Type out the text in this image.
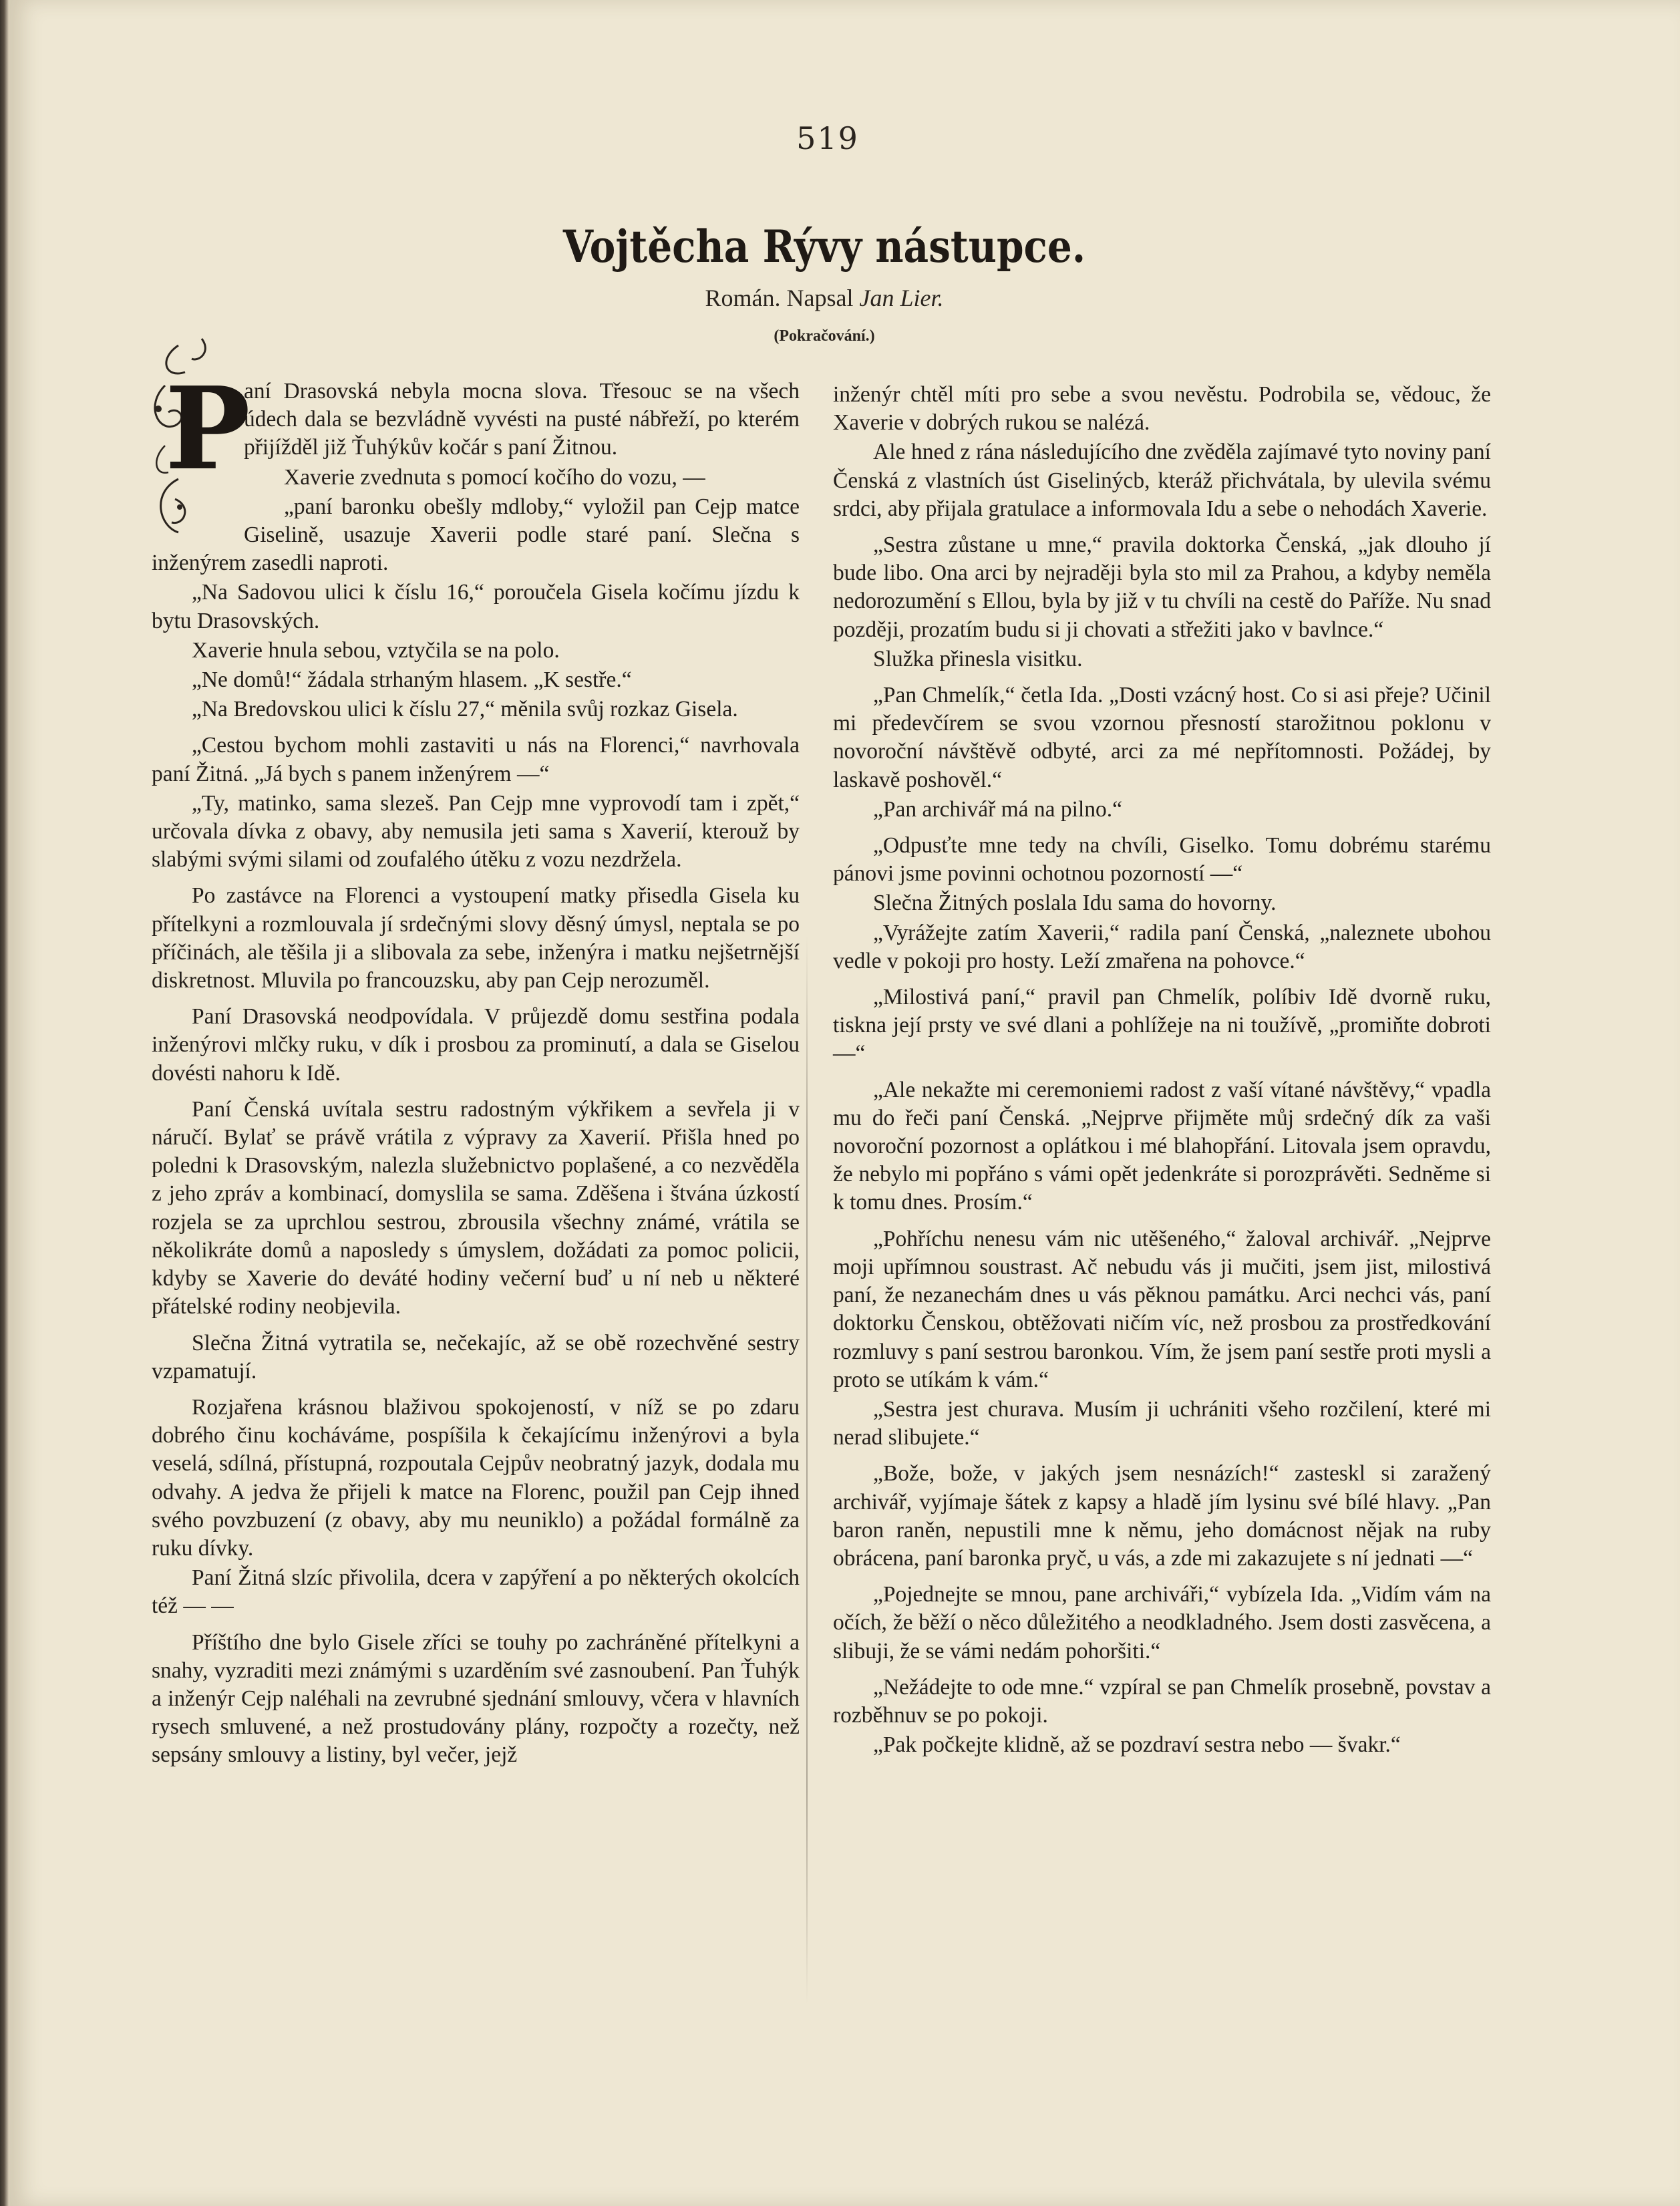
519
Vojtěcha Rývy nástupce.
Román. Napsal Jan Lier.
(Pokračování.)
P

aní Drasovská nebyla mocna slova. Třesouc se na všech údech dala se bezvládně vyvésti na pusté nábřeží, po kterém přijížděl již Ťuhýkův kočár s paní Žitnou.

Xaverie zvednuta s pomocí kočího do vozu, —

„paní baronku obešly mdloby,“ vyložil pan Cejp matce Giselině, usazuje Xaverii podle staré paní. Slečna s inženýrem zasedli naproti.

„Na Sadovou ulici k číslu 16,“ poroučela Gisela kočímu jízdu k bytu Drasovských.

Xaverie hnula sebou, vztyčila se na polo.

„Ne domů!“ žádala strhaným hlasem. „K sestře.“

„Na Bredovskou ulici k číslu 27,“ měnila svůj rozkaz Gisela.

„Cestou bychom mohli zastaviti u nás na Florenci,“ navrhovala paní Žitná. „Já bych s panem inženýrem —“

„Ty, matinko, sama slezeš. Pan Cejp mne vyprovodí tam i zpět,“ určovala dívka z obavy, aby nemusila jeti sama s Xaverií, kterouž by slabými svými silami od zoufalého útěku z vozu nezdržela.

Po zastávce na Florenci a vystoupení matky přisedla Gisela ku přítelkyni a rozmlouvala jí srdečnými slovy děsný úmysl, neptala se po příčinách, ale těšila ji a slibovala za sebe, inženýra i matku nejšetrnější diskretnost. Mluvila po francouzsku, aby pan Cejp nerozuměl.

Paní Drasovská neodpovídala. V průjezdě domu sestřina podala inženýrovi mlčky ruku, v dík i prosbou za prominutí, a dala se Giselou dovésti nahoru k Idě.

Paní Čenská uvítala sestru radostným výkřikem a sevřela ji v náručí. Bylať se právě vrátila z výpravy za Xaverií. Přišla hned po poledni k Drasovským, nalezla služebnictvo poplašené, a co nezvěděla z jeho zpráv a kombinací, domyslila se sama. Zděšena i štvána úzkostí rozjela se za uprchlou sestrou, zbrousila všechny známé, vrátila se několikráte domů a naposledy s úmyslem, dožádati za pomoc policii, kdyby se Xaverie do deváté hodiny večerní buď u ní neb u některé přátelské rodiny neobjevila.

Slečna Žitná vytratila se, nečekajíc, až se obě rozechvěné sestry vzpamatují.

Rozjařena krásnou blaživou spokojeností, v níž se po zdaru dobrého činu kocháváme, pospíšila k čekajícímu inženýrovi a byla veselá, sdílná, přístupná, rozpoutala Cejpův neobratný jazyk, dodala mu odvahy. A jedva že přijeli k matce na Florenc, použil pan Cejp ihned svého povzbuzení (z obavy, aby mu neuniklo) a požádal formálně za ruku dívky.

Paní Žitná slzíc přivolila, dcera v zapýření a po některých okolcích též — —

Příštího dne bylo Gisele zříci se touhy po zachráněné přítelkyni a snahy, vyzraditi mezi známými s uzarděním své zasnoubení. Pan Ťuhýk a inženýr Cejp naléhali na zevrubné sjednání smlouvy, včera v hlavních rysech smluvené, a než prostudovány plány, rozpočty a rozečty, než sepsány smlouvy a listiny, byl večer, jejž

inženýr chtěl míti pro sebe a svou nevěstu. Podrobila se, vědouc, že Xaverie v dobrých rukou se nalézá.

Ale hned z rána následujícího dne zvěděla zajímavé tyto noviny paní Čenská z vlastních úst Giselinýcb, kteráž přichvátala, by ulevila svému srdci, aby přijala gratulace a informovala Idu a sebe o nehodách Xaverie.

„Sestra zůstane u mne,“ pravila doktorka Čenská, „jak dlouho jí bude libo. Ona arci by nejraději byla sto mil za Prahou, a kdyby neměla nedorozumění s Ellou, byla by již v tu chvíli na cestě do Paříže. Nu snad později, prozatím budu si ji chovati a střežiti jako v bavlnce.“

Služka přinesla visitku.

„Pan Chmelík,“ četla Ida. „Dosti vzácný host. Co si asi přeje? Učinil mi předevčírem se svou vzornou přesností starožitnou poklonu v novoroční návštěvě odbyté, arci za mé nepřítomnosti. Požádej, by laskavě poshověl.“

„Pan archivář má na pilno.“

„Odpusťte mne tedy na chvíli, Giselko. Tomu dobrému starému pánovi jsme povinni ochotnou pozorností —“

Slečna Žitných poslala Idu sama do hovorny.

„Vyrážejte zatím Xaverii,“ radila paní Čenská, „naleznete ubohou vedle v pokoji pro hosty. Leží zmařena na pohovce.“

„Milostivá paní,“ pravil pan Chmelík, políbiv Idě dvorně ruku, tiskna její prsty ve své dlani a pohlížeje na ni toužívě, „promiňte dobroti —“

„Ale nekažte mi ceremoniemi radost z vaší vítané návštěvy,“ vpadla mu do řeči paní Čenská. „Nejprve přijměte můj srdečný dík za vaši novoroční pozornost a oplátkou i mé blahopřání. Litovala jsem opravdu, že nebylo mi popřáno s vámi opět jedenkráte si porozprávěti. Sedněme si k tomu dnes. Prosím.“

„Pohříchu nenesu vám nic utěšeného,“ žaloval archivář. „Nejprve moji upřímnou soustrast. Ač nebudu vás ji mučiti, jsem jist, milostivá paní, že nezanechám dnes u vás pěknou památku. Arci nechci vás, paní doktorku Čenskou, obtěžovati ničím víc, než prosbou za prostředkování rozmluvy s paní sestrou baronkou. Vím, že jsem paní sestře proti mysli a proto se utíkám k vám.“

„Sestra jest churava. Musím ji uchrániti všeho rozčilení, které mi nerad slibujete.“

„Bože, bože, v jakých jsem nesnázích!“ zasteskl si zaražený archivář, vyjímaje šátek z kapsy a hladě jím lysinu své bílé hlavy. „Pan baron raněn, nepustili mne k němu, jeho domácnost nějak na ruby obrácena, paní baronka pryč, u vás, a zde mi zakazujete s ní jednati —“

„Pojednejte se mnou, pane archiváři,“ vybízela Ida. „Vidím vám na očích, že běží o něco důležitého a neodkladného. Jsem dosti zasvěcena, a slibuji, že se vámi nedám pohoršiti.“

„Nežádejte to ode mne.“ vzpíral se pan Chmelík prosebně, povstav a rozběhnuv se po pokoji.

„Pak počkejte klidně, až se pozdraví sestra nebo — švakr.“
